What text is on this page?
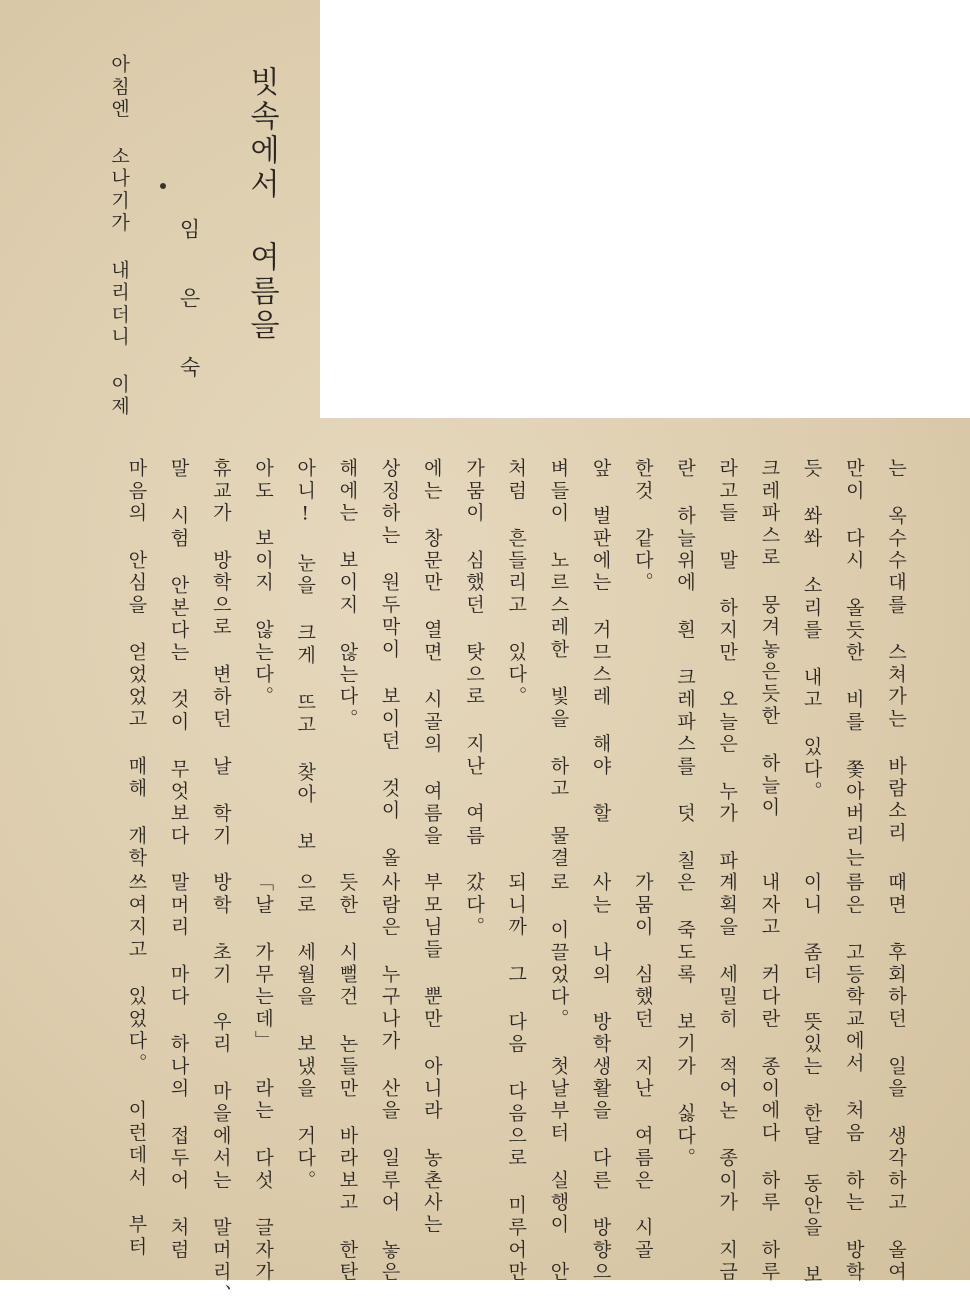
빗속에서 여름을
임 은 숙
아침엔 소나기가 내리더니 이제
는 옥수수대를 스쳐가는 바람소리
만이 다시 올듯한 비를 쫓아버리는
듯 쏴쏴 소리를 내고 있다。
크레파스로 뭉겨놓은듯한 하늘이
라고들 말 하지만 오늘은 누가 파
란 하늘위에 흰 크레파스를 덧 칠
한것 같다。
앞 벌판에는 거므스레 해야 할
벼들이 노르스레한 빛을 하고 물결
처럼 흔들리고 있다。
가뭄이 심했던 탓으로 지난 여름
에는 창문만 열면 시골의 여름을
상징하는 원두막이 보이던 것이 올
해에는 보이지 않는다。
아니! 눈을 크게 뜨고 찾아 보
아도 보이지 않는다。
휴교가 방학으로 변하던 날 학기
말 시험 안본다는 것이 무엇보다
마음의 안심을 얻었었고 매해 개학
때면 후회하던 일을 생각하고 올여
름은 고등학교에서 처음 하는 방학
이니 좀더 뜻있는 한달 동안을 보
내자고 커다란 종이에다 하루 하루
계획을 세밀히 적어논 종이가 지금
은 죽도록 보기가 싫다。
가뭄이 심했던 지난 여름은 시골
사는 나의 방학생활을 다른 방향으
로 이끌었다。 첫날부터 실행이 안
되니까 그 다음 다음으로 미루어만
갔다。
부모님들 뿐만 아니라 농촌사는
사람은 누구나가 산을 일루어 놓은
듯한 시뻘건 논들만 바라보고 한탄
으로 세월을 보냈을 거다。
「날 가무는데」 라는 다섯 글자가
방학 초기 우리 마을에서는 말머리、
말머리 마다 하나의 접두어 처럼
쓰여지고 있었다。 이런데서 부터
